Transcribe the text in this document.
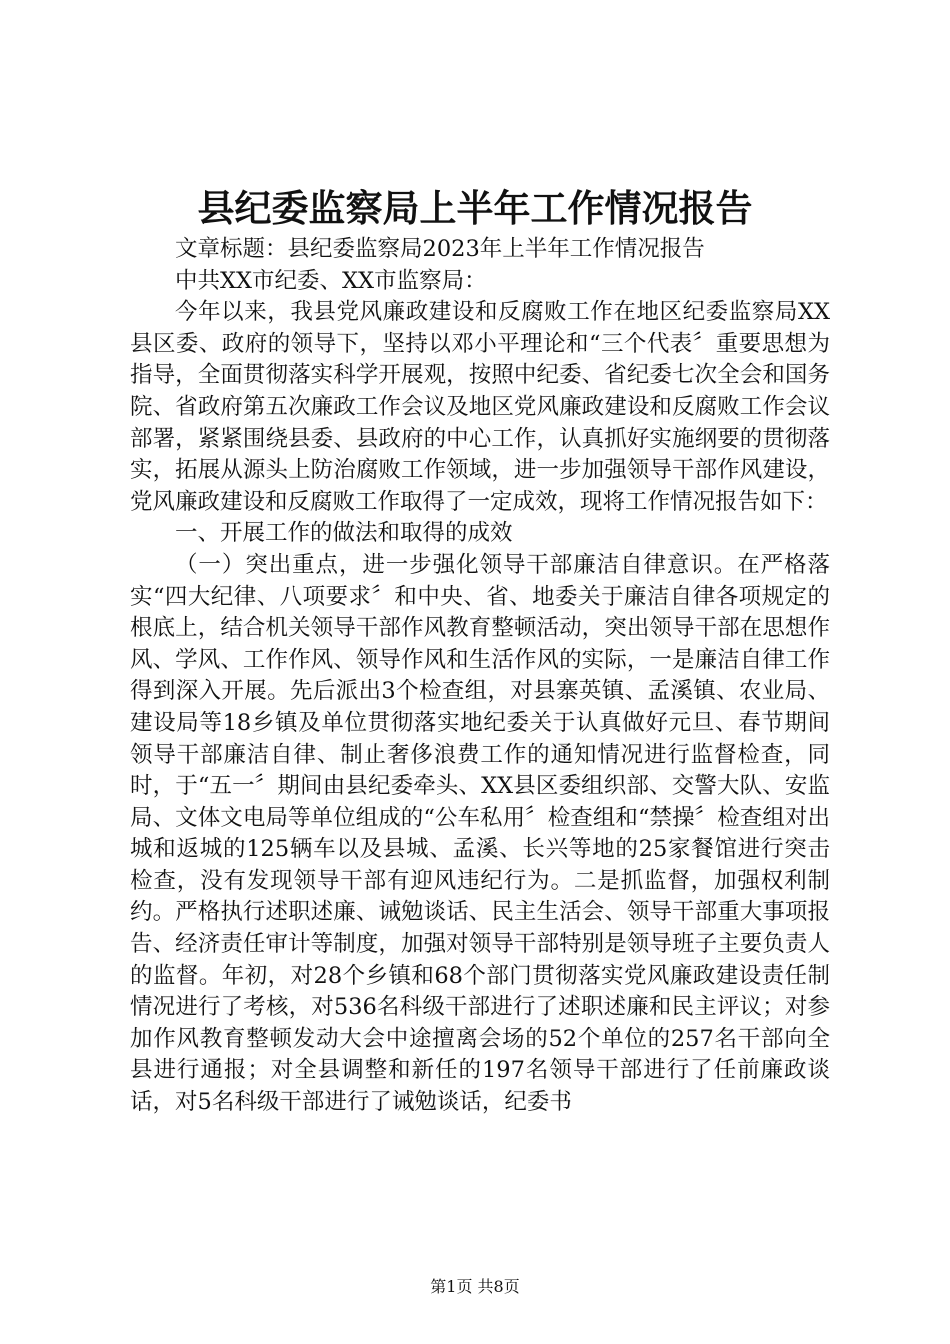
县纪委监察局上半年工作情况报告

文章标题：县纪委监察局2023年上半年工作情况报告

中共XX市纪委、XX市监察局：

今年以来，我县党风廉政建设和反腐败工作在地区纪委监察局XX县区委、政府的领导下，坚持以邓小平理论和“三个代表〞重要思想为指导，全面贯彻落实科学开展观，按照中纪委、省纪委七次全会和国务院、省政府第五次廉政工作会议及地区党风廉政建设和反腐败工作会议部署，紧紧围绕县委、县政府的中心工作，认真抓好实施纲要的贯彻落实，拓展从源头上防治腐败工作领域，进一步加强领导干部作风建设，党风廉政建设和反腐败工作取得了一定成效，现将工作情况报告如下：

一、开展工作的做法和取得的成效

（一）突出重点，进一步强化领导干部廉洁自律意识。在严格落实“四大纪律、八项要求〞和中央、省、地委关于廉洁自律各项规定的根底上，结合机关领导干部作风教育整顿活动，突出领导干部在思想作风、学风、工作作风、领导作风和生活作风的实际，一是廉洁自律工作得到深入开展。先后派出3个检查组，对县寨英镇、孟溪镇、农业局、建设局等18乡镇及单位贯彻落实地纪委关于认真做好元旦、春节期间领导干部廉洁自律、制止奢侈浪费工作的通知情况进行监督检查，同时，于“五一〞期间由县纪委牵头、XX县区委组织部、交警大队、安监局、文体文电局等单位组成的“公车私用〞检查组和“禁操〞检查组对出城和返城的125辆车以及县城、孟溪、长兴等地的25家餐馆进行突击检查，没有发现领导干部有迎风违纪行为。二是抓监督，加强权利制约。严格执行述职述廉、诫勉谈话、民主生活会、领导干部重大事项报告、经济责任审计等制度，加强对领导干部特别是领导班子主要负责人的监督。年初，对28个乡镇和68个部门贯彻落实党风廉政建设责任制情况进行了考核，对536名科级干部进行了述职述廉和民主评议；对参加作风教育整顿发动大会中途擅离会场的52个单位的257名干部向全县进行通报；对全县调整和新任的197名领导干部进行了任前廉政谈话，对5名科级干部进行了诫勉谈话，纪委书

第1页 共8页
